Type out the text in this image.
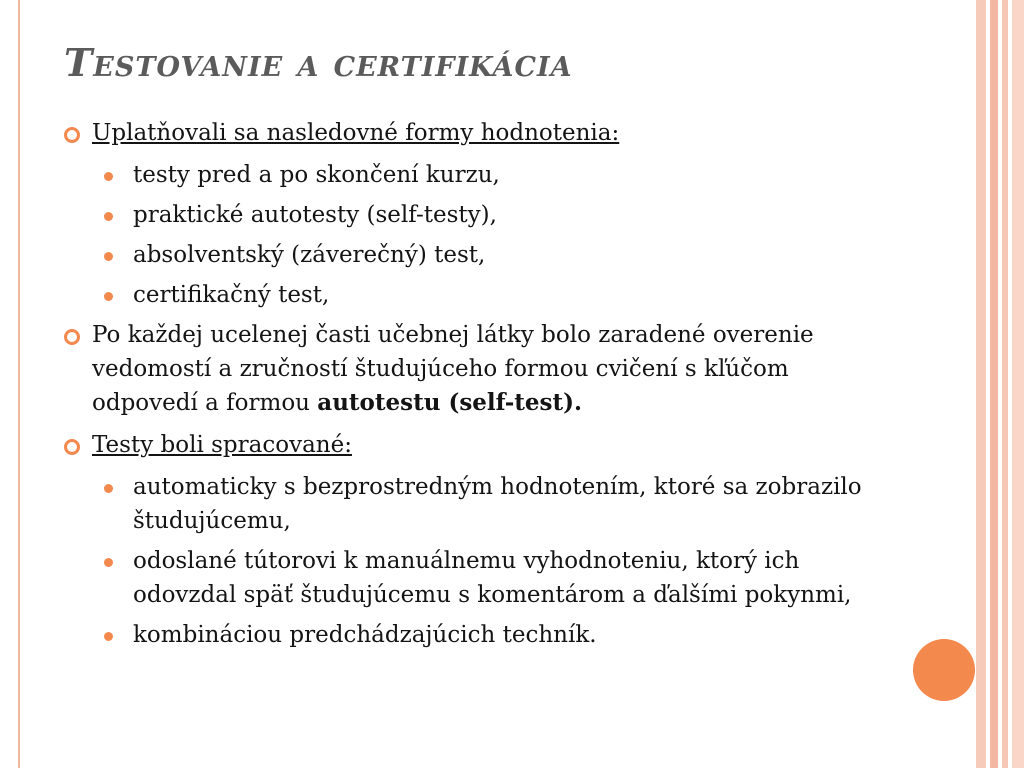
Testovanie a certifikácia

Uplatňovali sa nasledovné formy hodnotenia:

testy pred a po skončení kurzu,

praktické autotesty (self-testy),

absolventský (záverečný) test,

certifikačný test,

Po každej ucelenej časti učebnej látky bolo zaradené overenie vedomostí a zručností študujúceho formou cvičení s kľúčom odpovedí a formou autotestu (self-test).

Testy boli spracované:

automaticky s bezprostredným hodnotením, ktoré sa zobrazilo študujúcemu,

odoslané tútorovi k manuálnemu vyhodnoteniu, ktorý ich odovzdal späť študujúcemu s komentárom a ďalšími pokynmi,

kombináciou predchádzajúcich techník.
